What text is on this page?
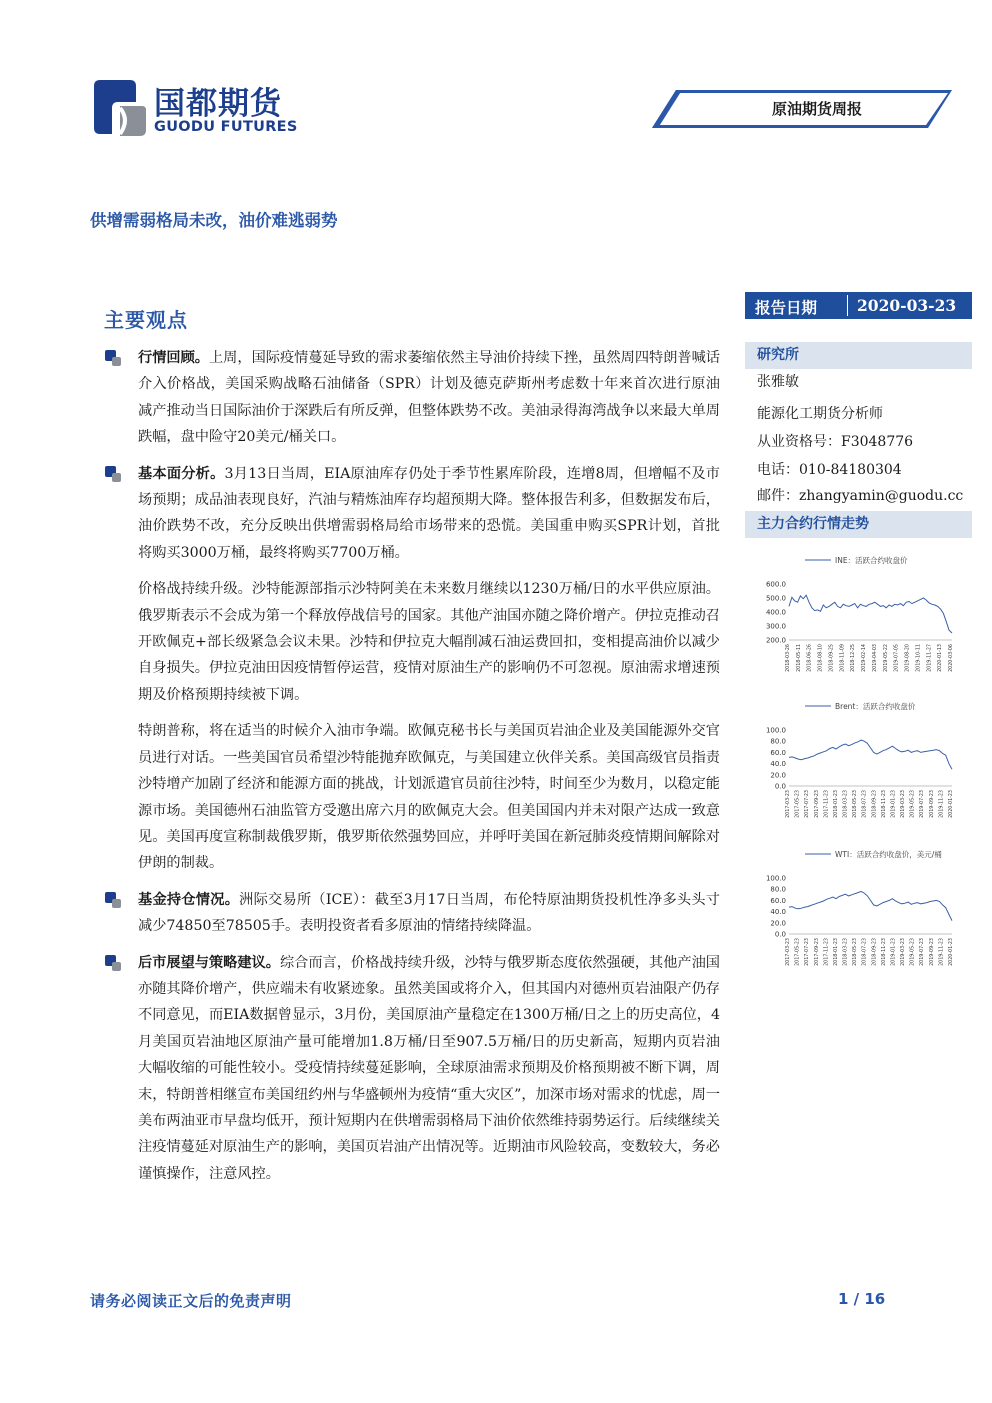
国都期货
GUODU FUTURES
原油期货周报
供增需弱格局未改，油价难逃弱势
主要观点

行情回顾。上周，国际疫情蔓延导致的需求萎缩依然主导油价持续下挫，虽然周四特朗普喊话介入价格战，美国采购战略石油储备（SPR）计划及德克萨斯州考虑数十年来首次进行原油减产推动当日国际油价于深跌后有所反弹，但整体跌势不改。美油录得海湾战争以来最大单周跌幅，盘中险守20美元/桶关口。

基本面分析。3月13日当周，EIA原油库存仍处于季节性累库阶段，连增8周，但增幅不及市场预期；成品油表现良好，汽油与精炼油库存均超预期大降。整体报告利多，但数据发布后，油价跌势不改，充分反映出供增需弱格局给市场带来的恐慌。美国重申购买SPR计划，首批将购买3000万桶，最终将购买7700万桶。

价格战持续升级。沙特能源部指示沙特阿美在未来数月继续以1230万桶/日的水平供应原油。俄罗斯表示不会成为第一个释放停战信号的国家。其他产油国亦随之降价增产。伊拉克推动召开欧佩克+部长级紧急会议未果。沙特和伊拉克大幅削减石油运费回扣，变相提高油价以减少自身损失。伊拉克油田因疫情暂停运营，疫情对原油生产的影响仍不可忽视。原油需求增速预期及价格预期持续被下调。

特朗普称，将在适当的时候介入油市争端。欧佩克秘书长与美国页岩油企业及美国能源外交官员进行对话。一些美国官员希望沙特能抛弃欧佩克，与美国建立伙伴关系。美国高级官员指责沙特增产加剧了经济和能源方面的挑战，计划派遣官员前往沙特，时间至少为数月，以稳定能源市场。美国德州石油监管方受邀出席六月的欧佩克大会。但美国国内并未对限产达成一致意见。美国再度宣称制裁俄罗斯，俄罗斯依然强势回应，并呼吁美国在新冠肺炎疫情期间解除对伊朗的制裁。

基金持仓情况。洲际交易所（ICE）：截至3月17日当周，布伦特原油期货投机性净多头头寸减少74850至78505手。表明投资者看多原油的情绪持续降温。

后市展望与策略建议。综合而言，价格战持续升级，沙特与俄罗斯态度依然强硬，其他产油国亦随其降价增产，供应端未有收紧迹象。虽然美国或将介入，但其国内对德州页岩油限产仍存不同意见，而EIA数据曾显示，3月份，美国原油产量稳定在1300万桶/日之上的历史高位，4月美国页岩油地区原油产量可能增加1.8万桶/日至907.5万桶/日的历史新高，短期内页岩油大幅收缩的可能性较小。受疫情持续蔓延影响，全球原油需求预期及价格预期被不断下调，周末，特朗普相继宣布美国纽约州与华盛顿州为疫情“重大灾区”，加深市场对需求的忧虑，周一美布两油亚市早盘均低开，预计短期内在供增需弱格局下油价依然维持弱势运行。后续继续关注疫情蔓延对原油生产的影响，美国页岩油产出情况等。近期油市风险较高，变数较大，务必谨慎操作，注意风控。

报告日期	2020-03-23
研究所
张雅敏
能源化工期货分析师
从业资格号：F3048776
电话：010-84180304
邮件：zhangyamin@guodu.cc
主力合约行情走势
INE：活跃合约收盘价
600.0
500.0
400.0
300.0
200.0
2018-03-26 2018-05-11 2018-06-26 2018-08-10 2018-09-25 2018-11-09 2018-12-25 2019-02-14 2019-04-03 2019-05-22 2019-07-05 2019-08-20 2019-10-11 2019-11-27 2020-01-13 2020-03-06
Brent：活跃合约收盘价
100.0
80.0
60.0
40.0
20.0
0.0
2017-03-23 2017-05-23 2017-07-23 2017-09-23 2017-11-23 2018-01-23 2018-03-23 2018-05-23 2018-07-23 2018-09-23 2018-11-23 2019-01-23 2019-03-23 2019-05-23 2019-07-23 2019-09-23 2019-11-23 2020-01-23
WTI：活跃合约收盘价，美元/桶
100.0
80.0
60.0
40.0
20.0
0.0
2017-03-23 2017-05-23 2017-07-23 2017-09-23 2017-11-23 2018-01-23 2018-03-23 2018-05-23 2018-07-23 2018-09-23 2018-11-23 2019-01-23 2019-03-23 2019-05-23 2019-07-23 2019-09-23 2019-11-23 2020-01-23
请务必阅读正文后的免责声明	1 / 16
